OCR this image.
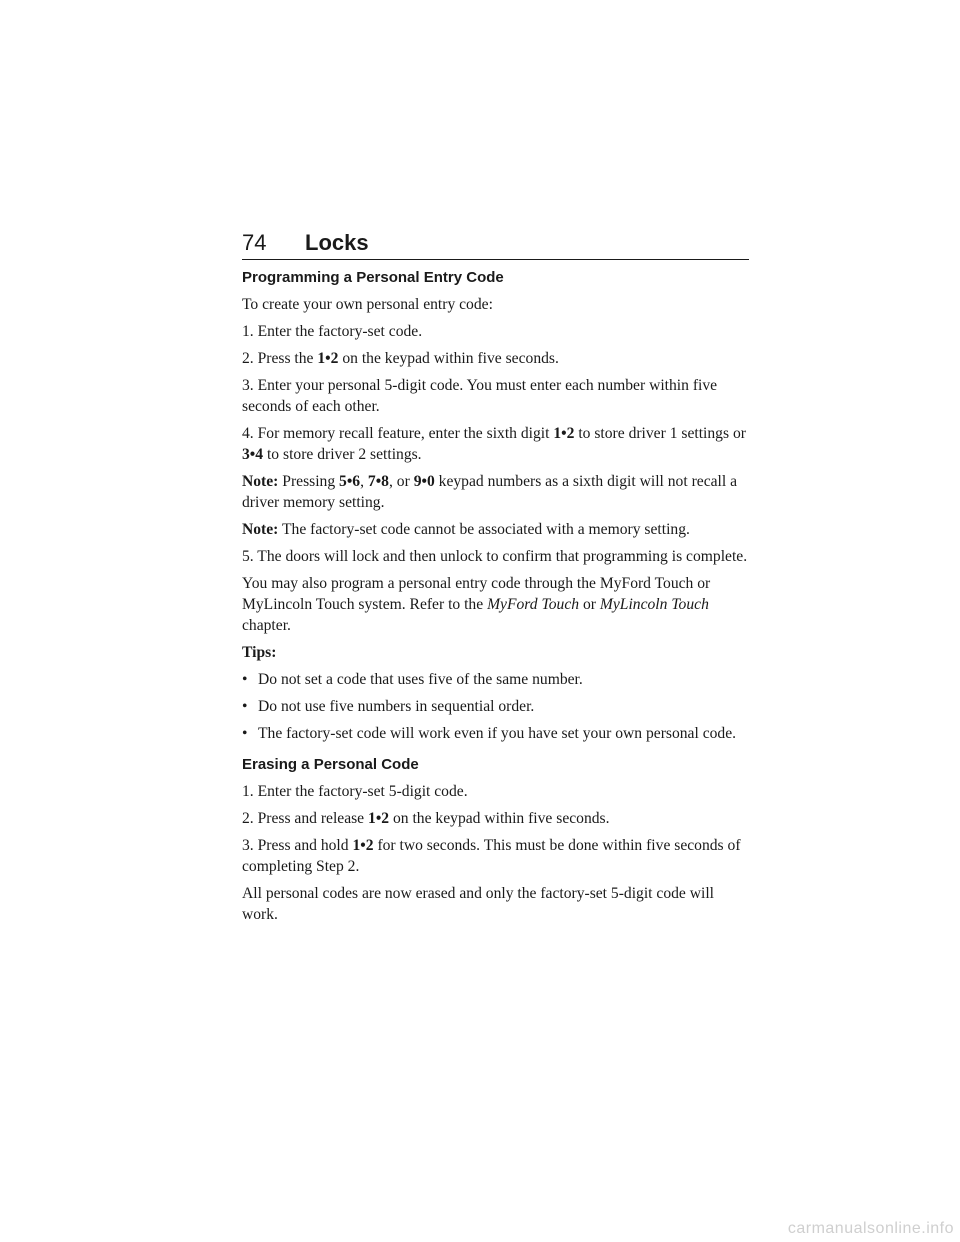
74 Locks
Programming a Personal Entry Code

To create your own personal entry code:

1. Enter the factory-set code.

2. Press the 1•2 on the keypad within five seconds.

3. Enter your personal 5-digit code. You must enter each number within five seconds of each other.

4. For memory recall feature, enter the sixth digit 1•2 to store driver 1 settings or 3•4 to store driver 2 settings.

Note: Pressing 5•6, 7•8, or 9•0 keypad numbers as a sixth digit will not recall a driver memory setting.

Note: The factory-set code cannot be associated with a memory setting.

5. The doors will lock and then unlock to confirm that programming is complete.

You may also program a personal entry code through the MyFord Touch or MyLincoln Touch system. Refer to the MyFord Touch or MyLincoln Touch chapter.

Tips:

• Do not set a code that uses five of the same number.
• Do not use five numbers in sequential order.
• The factory-set code will work even if you have set your own personal code.
Erasing a Personal Code

1. Enter the factory-set 5-digit code.

2. Press and release 1•2 on the keypad within five seconds.

3. Press and hold 1•2 for two seconds. This must be done within five seconds of completing Step 2.

All personal codes are now erased and only the factory-set 5-digit code will work.

carmanualsonline.info
